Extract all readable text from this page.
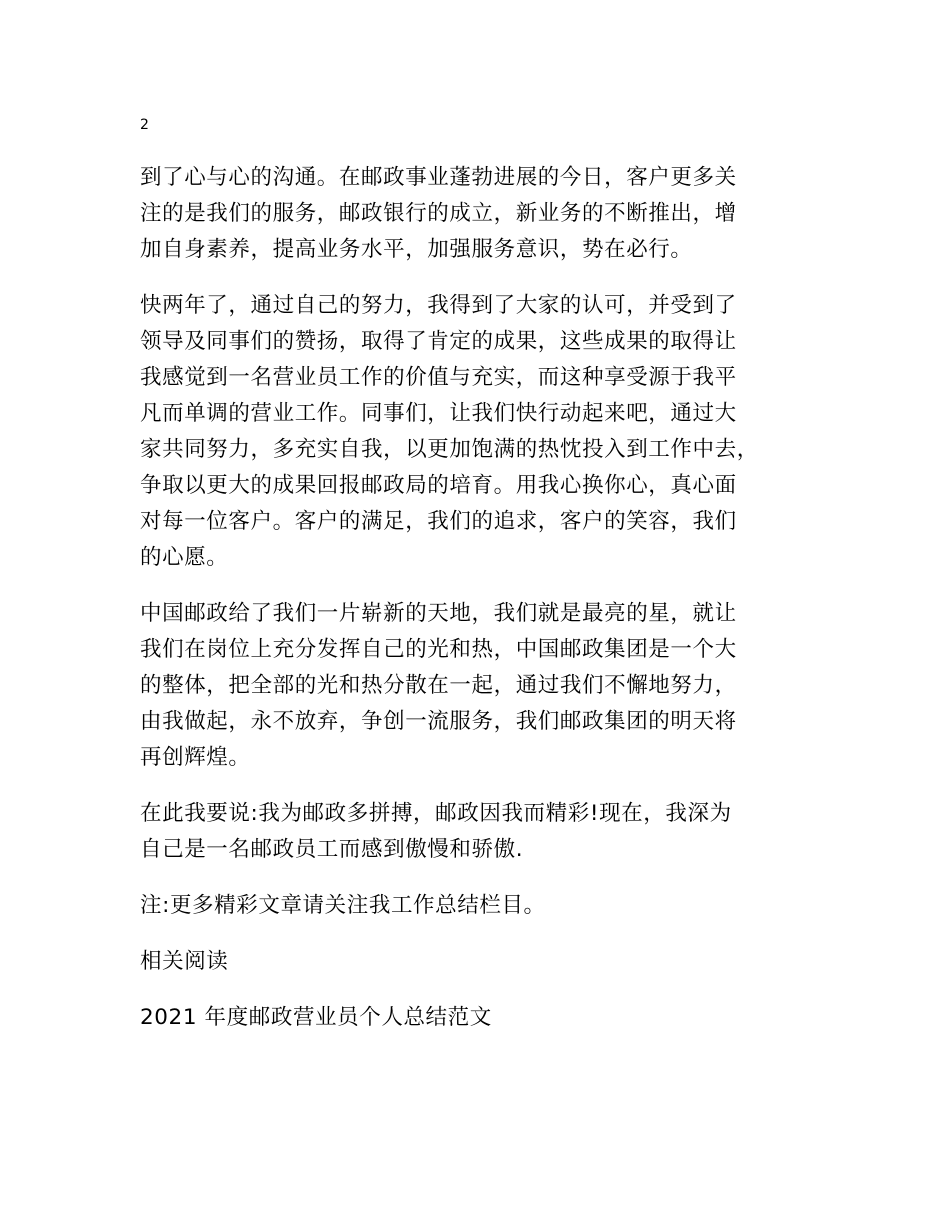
2

到了心与心的沟通。在邮政事业蓬勃进展的今日，客户更多关
注的是我们的服务，邮政银行的成立，新业务的不断推出，增
加自身素养，提高业务水平，加强服务意识，势在必行。

快两年了，通过自己的努力，我得到了大家的认可，并受到了
领导及同事们的赞扬，取得了肯定的成果，这些成果的取得让
我感觉到一名营业员工作的价值与充实，而这种享受源于我平
凡而单调的营业工作。同事们，让我们快行动起来吧，通过大
家共同努力，多充实自我，以更加饱满的热忱投入到工作中去，
争取以更大的成果回报邮政局的培育。用我心换你心，真心面
对每一位客户。客户的满足，我们的追求，客户的笑容，我们
的心愿。

中国邮政给了我们一片崭新的天地，我们就是最亮的星，就让
我们在岗位上充分发挥自己的光和热，中国邮政集团是一个大
的整体，把全部的光和热分散在一起，通过我们不懈地努力，
由我做起，永不放弃，争创一流服务，我们邮政集团的明天将
再创辉煌。

在此我要说:我为邮政多拼搏，邮政因我而精彩!现在，我深为
自己是一名邮政员工而感到傲慢和骄傲.

注:更多精彩文章请关注我工作总结栏目。

相关阅读

2021 年度邮政营业员个人总结范文
